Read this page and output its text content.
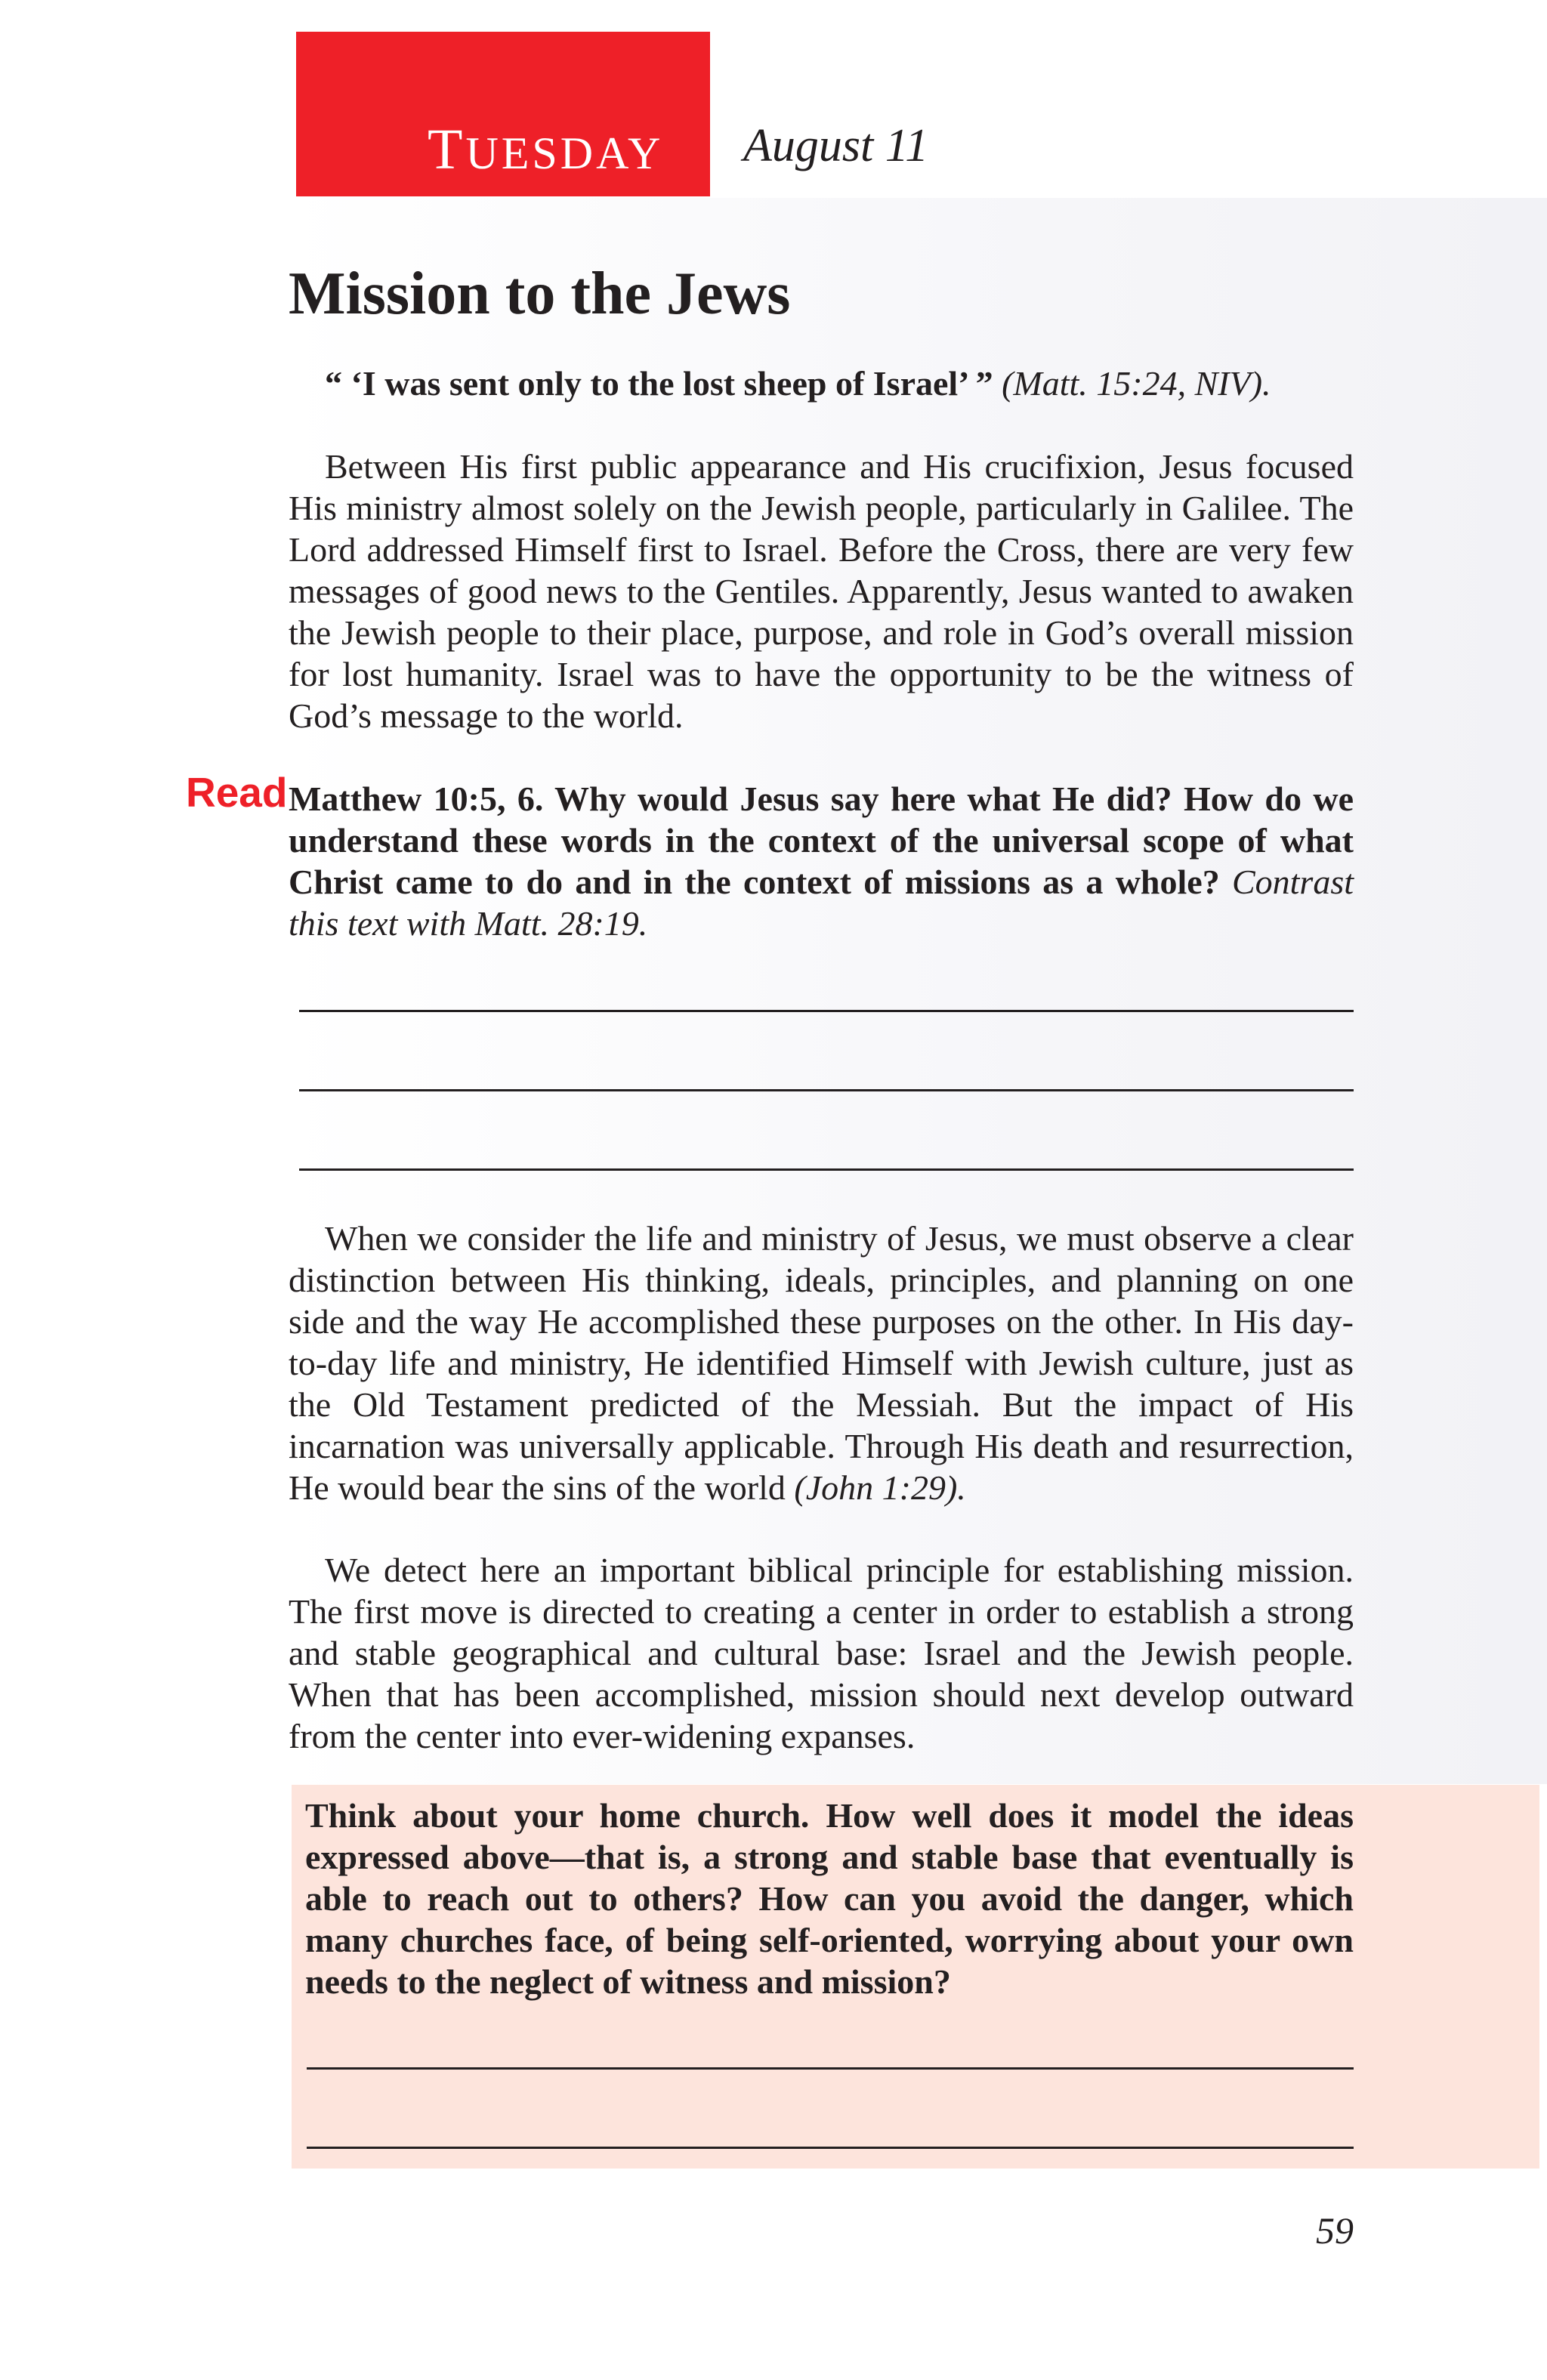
TUESDAY	August 11
Mission to the Jews

“ ‘I was sent only to the lost sheep of Israel’ ” (Matt. 15:24, NIV).

Between His first public appearance and His crucifixion, Jesus focused His ministry almost solely on the Jewish people, particularly in Galilee. The Lord addressed Himself first to Israel. Before the Cross, there are very few messages of good news to the Gentiles. Apparently, Jesus wanted to awaken the Jewish people to their place, purpose, and role in God’s overall mission for lost humanity. Israel was to have the opportunity to be the witness of God’s message to the world.

Read Matthew 10:5, 6. Why would Jesus say here what He did? How do we understand these words in the context of the universal scope of what Christ came to do and in the context of missions as a whole? Contrast this text with Matt. 28:19.

When we consider the life and ministry of Jesus, we must observe a clear distinction between His thinking, ideals, principles, and planning on one side and the way He accomplished these purposes on the other. In His day-to-day life and ministry, He identified Himself with Jewish culture, just as the Old Testament predicted of the Messiah. But the impact of His incarnation was universally applicable. Through His death and resurrection, He would bear the sins of the world (John 1:29).

We detect here an important biblical principle for establishing mission. The first move is directed to creating a center in order to establish a strong and stable geographical and cultural base: Israel and the Jewish people. When that has been accomplished, mission should next develop outward from the center into ever-widening expanses.

Think about your home church. How well does it model the ideas expressed above—that is, a strong and stable base that eventually is able to reach out to others? How can you avoid the danger, which many churches face, of being self-oriented, worrying about your own needs to the neglect of witness and mission?

59
